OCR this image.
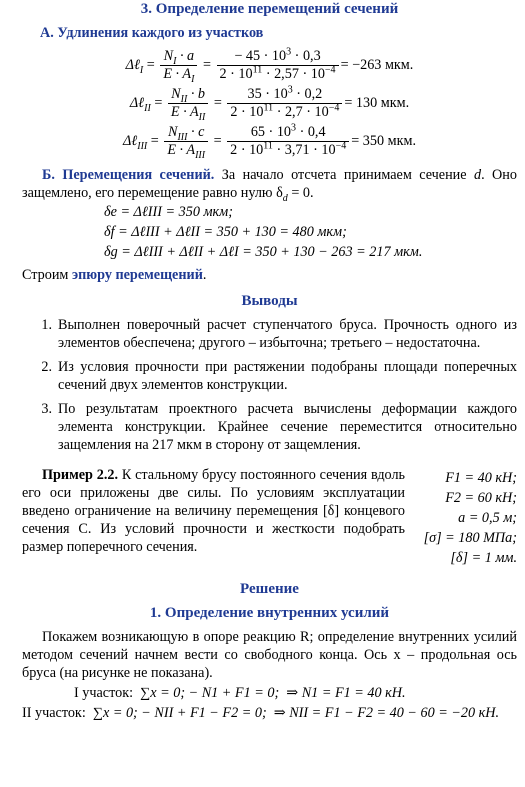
3. Определение перемещений сечений
А. Удлинения каждого из участков
Δℓ$_I$ = $\frac{N_I \cdot a}{E \cdot A_I} = \frac{- 45 \cdot 10^3 \cdot 0,3}{2 \cdot 10^{11} \cdot 2,57 \cdot 10^{-4}} = -263$ мкм.
Δℓ$_{II}$ = $\frac{N_{II} \cdot b}{E \cdot A_{II}} = \frac{35 \cdot 10^3 \cdot 0,2}{2 \cdot 10^{11} \cdot 2,7 \cdot 10^{-4}} = 130$ мкм.
Δℓ$_{III}$ = $\frac{N_{III} \cdot c}{E \cdot A_{III}} = \frac{65 \cdot 10^3 \cdot 0,4}{2 \cdot 10^{11} \cdot 3,71 \cdot 10^{-4}} = 350$ мкм.

Б. Перемещения сечений. За начало отсчета принимаем сечение d. Оно защемлено, его перемещение равно нулю $\delta_d = 0$.

δe = ΔℓIII = 350 мкм;
δf = ΔℓIII + ΔℓII = 350 + 130 = 480 мкм;
δg = ΔℓIII + ΔℓII + ΔℓI = 350 + 130 − 263 = 217 мкм.

Строим эпюру перемещений.

Выводы
1. Выполнен поверочный расчет ступенчатого бруса. Прочность одного из элементов обеспечена; другого – избыточна; третьего – недостаточна.
2. Из условия прочности при растяжении подобраны площади поперечных сечений двух элементов конструкции.
3. По результатам проектного расчета вычислены деформации каждого элемента конструкции. Крайнее сечение переместится относительно защемления на 217 мкм в сторону от защемления.
Пример 2.2. К стальному брусу постоянного сечения вдоль его оси приложены две силы. По условиям эксплуатации введено ограничение на величину перемещения [δ] концевого сечения C. Из условий прочности и жесткости подобрать размер поперечного сечения.
F1 = 40 кН;
F2 = 60 кН;
a = 0,5 м;
[σ] = 180 МПа;
[δ] = 1 мм.
Решение
1. Определение внутренних усилий

Покажем возникающую в опоре реакцию R; определение внутренних усилий методом сечений начнем вести со свободного конца. Ось x – продольная ось бруса (на рисунке не показана).

I участок: ∑x = 0; − N1 + F1 = 0; ⇒ N1 = F1 = 40 кН.
II участок: ∑x = 0; − NII + F1 − F2 = 0; ⇒ NII = F1 − F2 = 40 − 60 = −20 кН.
